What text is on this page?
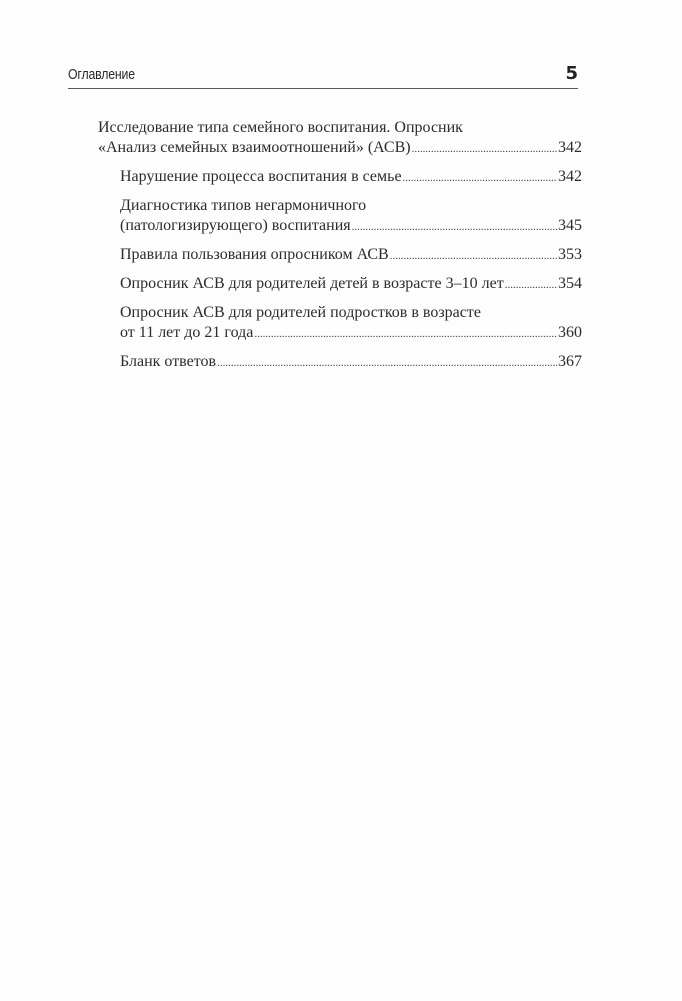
Оглавление	5
Исследование типа семейного воспитания. Опросник
«Анализ семейных взаимоотношений» (АСВ) .....	342
Нарушение процесса воспитания в семье .....	342
Диагностика типов негармоничного
(патологизирующего) воспитания .....	345
Правила пользования опросником АСВ .....	353
Опросник АСВ для родителей детей в возрасте 3–10 лет .....	354
Опросник АСВ для родителей подростков в возрасте
от 11 лет до 21 года .....	360
Бланк ответов .....	367
